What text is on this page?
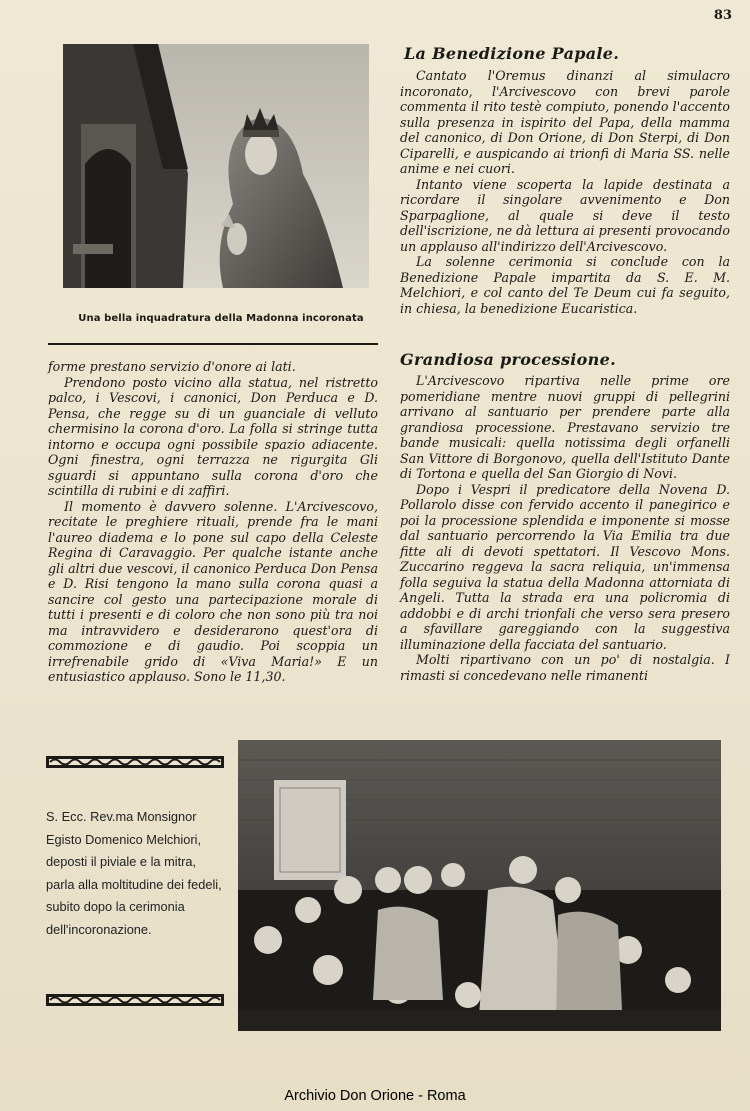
83
Una bella inquadratura della Madonna incoronata
La Benedizione Papale.

Cantato l'Oremus dinanzi al simulacro incoronato, l'Arcivescovo con brevi parole commenta il rito testè compiuto, ponendo l'accento sulla presenza in ispirito del Papa, della mamma del canonico, di Don Orione, di Don Sterpi, di Don Ciparelli, e auspicando ai trionfi di Maria SS. nelle anime e nei cuori.

Intanto viene scoperta la lapide destinata a ricordare il singolare avvenimento e Don Sparpaglione, al quale si deve il testo dell'iscrizione, ne dà lettura ai presenti provocando un applauso all'indirizzo dell'Arcivescovo.

La solenne cerimonia si conclude con la Benedizione Papale impartita da S. E. M. Melchiori, e col canto del Te Deum cui fa seguito, in chiesa, la benedizione Eucaristica.

forme prestano servizio d'onore ai lati.

Prendono posto vicino alla statua, nel ristretto palco, i Vescovi, i canonici, Don Perduca e D. Pensa, che regge su di un guanciale di velluto chermisino la corona d'oro. La folla si stringe tutta intorno e occupa ogni possibile spazio adiacente. Ogni finestra, ogni terrazza ne rigurgita Gli sguardi si appuntano sulla corona d'oro che scintilla di rubini e di zaffiri.

Il momento è davvero solenne. L'Arcivescovo, recitate le preghiere rituali, prende fra le mani l'aureo diadema e lo pone sul capo della Celeste Regina di Caravaggio. Per qualche istante anche gli altri due vescovi, il canonico Perduca Don Pensa e D. Risi tengono la mano sulla corona quasi a sancire col gesto una partecipazione morale di tutti i presenti e di coloro che non sono più tra noi ma intravvidero e desiderarono quest'ora di commozione e di gaudio. Poi scoppia un irrefrenabile grido di «Viva Maria!» E un entusiastico applauso. Sono le 11,30.

Grandiosa processione.

L'Arcivescovo ripartiva nelle prime ore pomeridiane mentre nuovi gruppi di pellegrini arrivano al santuario per prendere parte alla grandiosa processione. Prestavano servizio tre bande musicali: quella notissima degli orfanelli San Vittore di Borgonovo, quella dell'Istituto Dante di Tortona e quella del San Giorgio di Novi.

Dopo i Vespri il predicatore della Novena D. Pollarolo disse con fervido accento il panegirico e poi la processione splendida e imponente si mosse dal santuario percorrendo la Via Emilia tra due fitte ali di devoti spettatori. Il Vescovo Mons. Zuccarino reggeva la sacra reliquia, un'immensa folla seguiva la statua della Madonna attorniata di Angeli. Tutta la strada era una policromia di addobbi e di archi trionfali che verso sera presero a sfavillare gareggiando con la suggestiva illuminazione della facciata del santuario.

Molti ripartivano con un po' di nostalgia. I rimasti si concedevano nelle rimanenti

S. Ecc. Rev.ma Monsignor Egisto Domenico Melchiori, deposti il piviale e la mitra, parla alla moltitudine dei fedeli, subito dopo la cerimonia dell'incoronazione.
Archivio Don Orione - Roma
